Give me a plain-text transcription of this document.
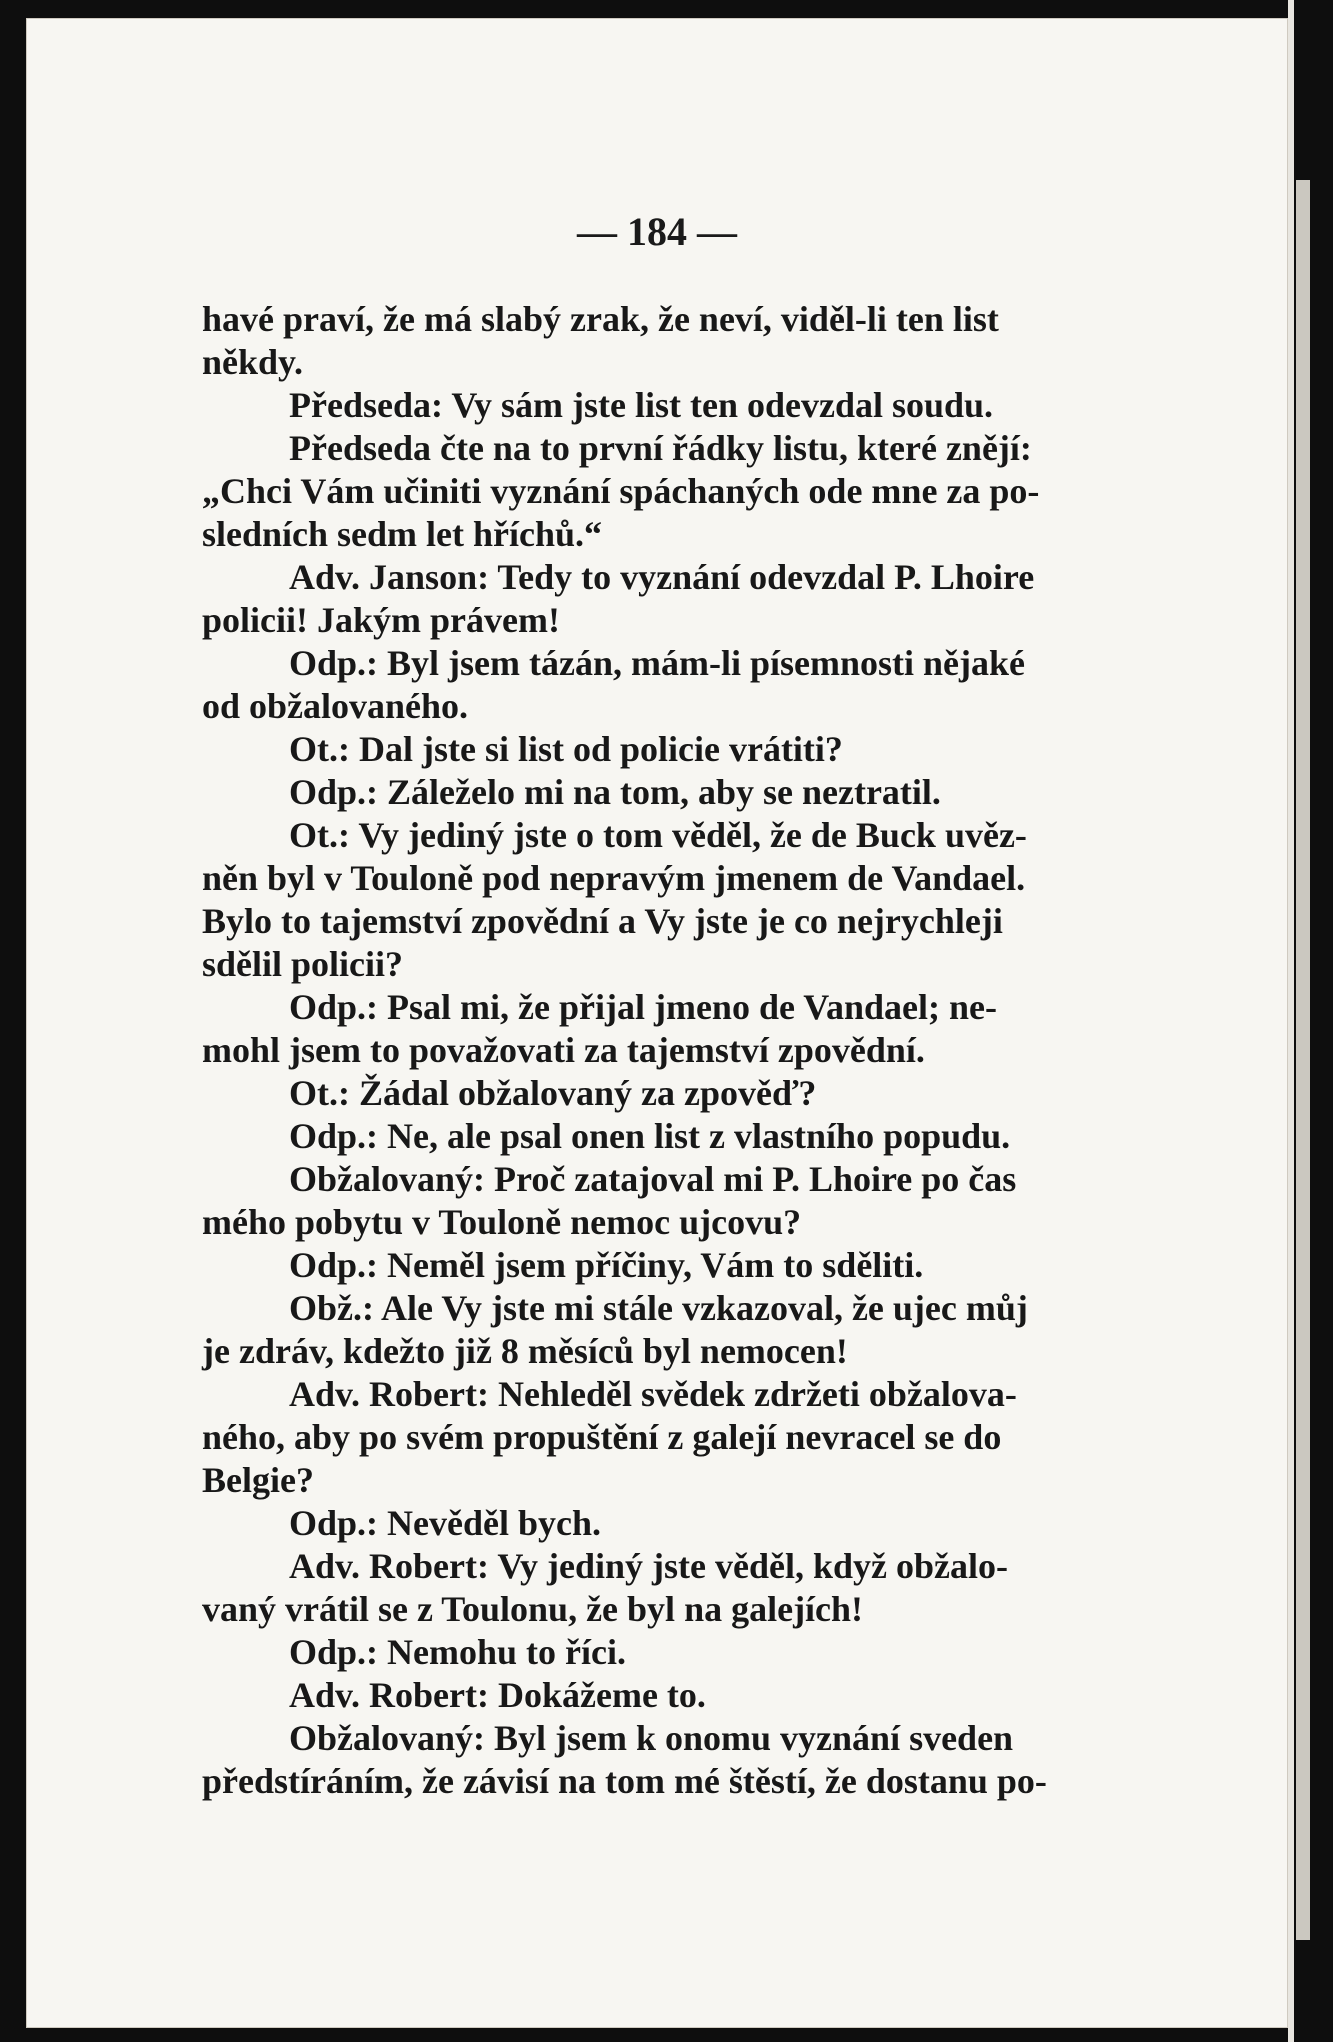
— 184 —

havé praví, že má slabý zrak, že neví, viděl-li ten list

někdy.

Předseda: Vy sám jste list ten odevzdal soudu.

Předseda čte na to první řádky listu, které znějí:

„Chci Vám učiniti vyznání spáchaných ode mne za po-

sledních sedm let hříchů.“

Adv. Janson: Tedy to vyznání odevzdal P. Lhoire

policii! Jakým právem!

Odp.: Byl jsem tázán, mám-li písemnosti nějaké

od obžalovaného.

Ot.: Dal jste si list od policie vrátiti?

Odp.: Záleželo mi na tom, aby se neztratil.

Ot.: Vy jediný jste o tom věděl, že de Buck uvěz-

něn byl v Touloně pod nepravým jmenem de Vandael.

Bylo to tajemství zpovědní a Vy jste je co nejrychleji

sdělil policii?

Odp.: Psal mi, že přijal jmeno de Vandael; ne-

mohl jsem to považovati za tajemství zpovědní.

Ot.: Žádal obžalovaný za zpověď?

Odp.: Ne, ale psal onen list z vlastního popudu.

Obžalovaný: Proč zatajoval mi P. Lhoire po čas

mého pobytu v Touloně nemoc ujcovu?

Odp.: Neměl jsem příčiny, Vám to sděliti.

Obž.: Ale Vy jste mi stále vzkazoval, že ujec můj

je zdráv, kdežto již 8 měsíců byl nemocen!

Adv. Robert: Nehleděl svědek zdržeti obžalova-

ného, aby po svém propuštění z galejí nevracel se do

Belgie?

Odp.: Nevěděl bych.

Adv. Robert: Vy jediný jste věděl, když obžalo-

vaný vrátil se z Toulonu, že byl na galejích!

Odp.: Nemohu to říci.

Adv. Robert: Dokážeme to.

Obžalovaný: Byl jsem k onomu vyznání sveden

předstíráním, že závisí na tom mé štěstí, že dostanu po-
